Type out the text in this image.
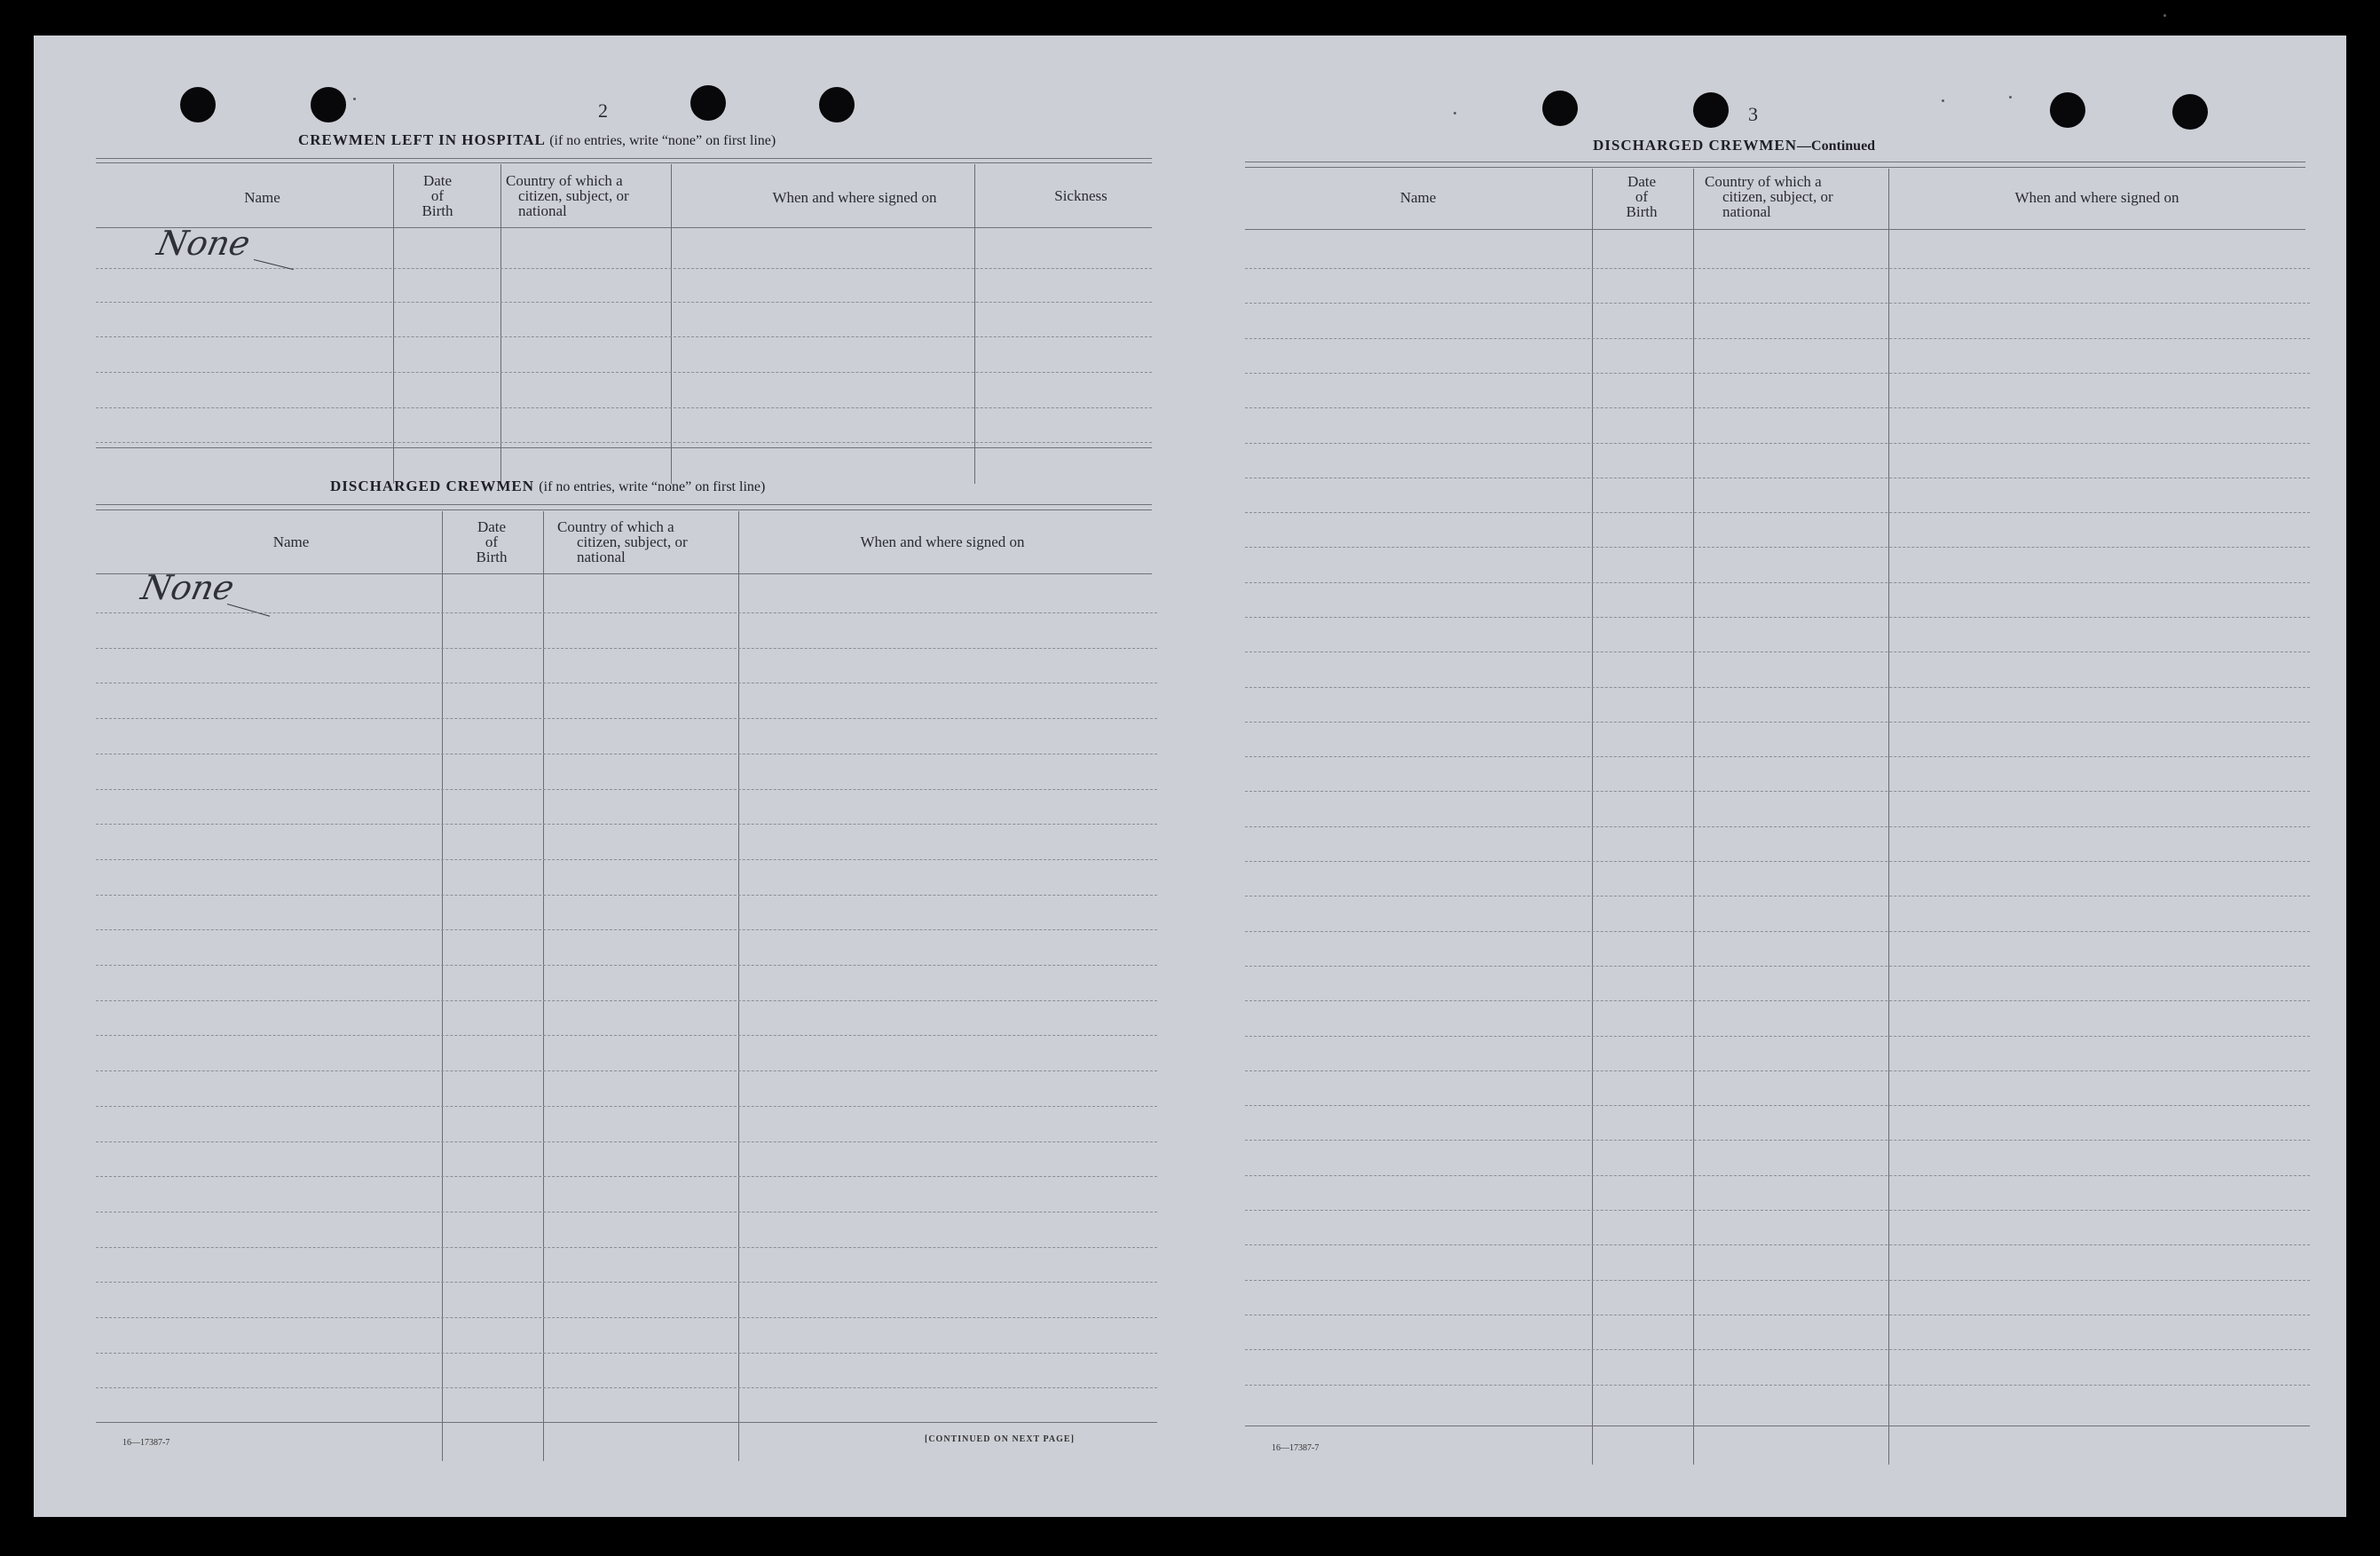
2
CREWMEN LEFT IN HOSPITAL (if no entries, write “none” on first line)
Name
Date
of
Birth
Country of which a
citizen, subject, or
national
When and where signed on	Sickness
None
DISCHARGED CREWMEN (if no entries, write “none” on first line)
Name
Date
of
Birth
Country of which a
citizen, subject, or
national
When and where signed on
None
16—17387-7	[CONTINUED ON NEXT PAGE]
3
DISCHARGED CREWMEN—Continued
Name
Date
of
Birth
Country of which a
citizen, subject, or
national
When and where signed on
16—17387-7
